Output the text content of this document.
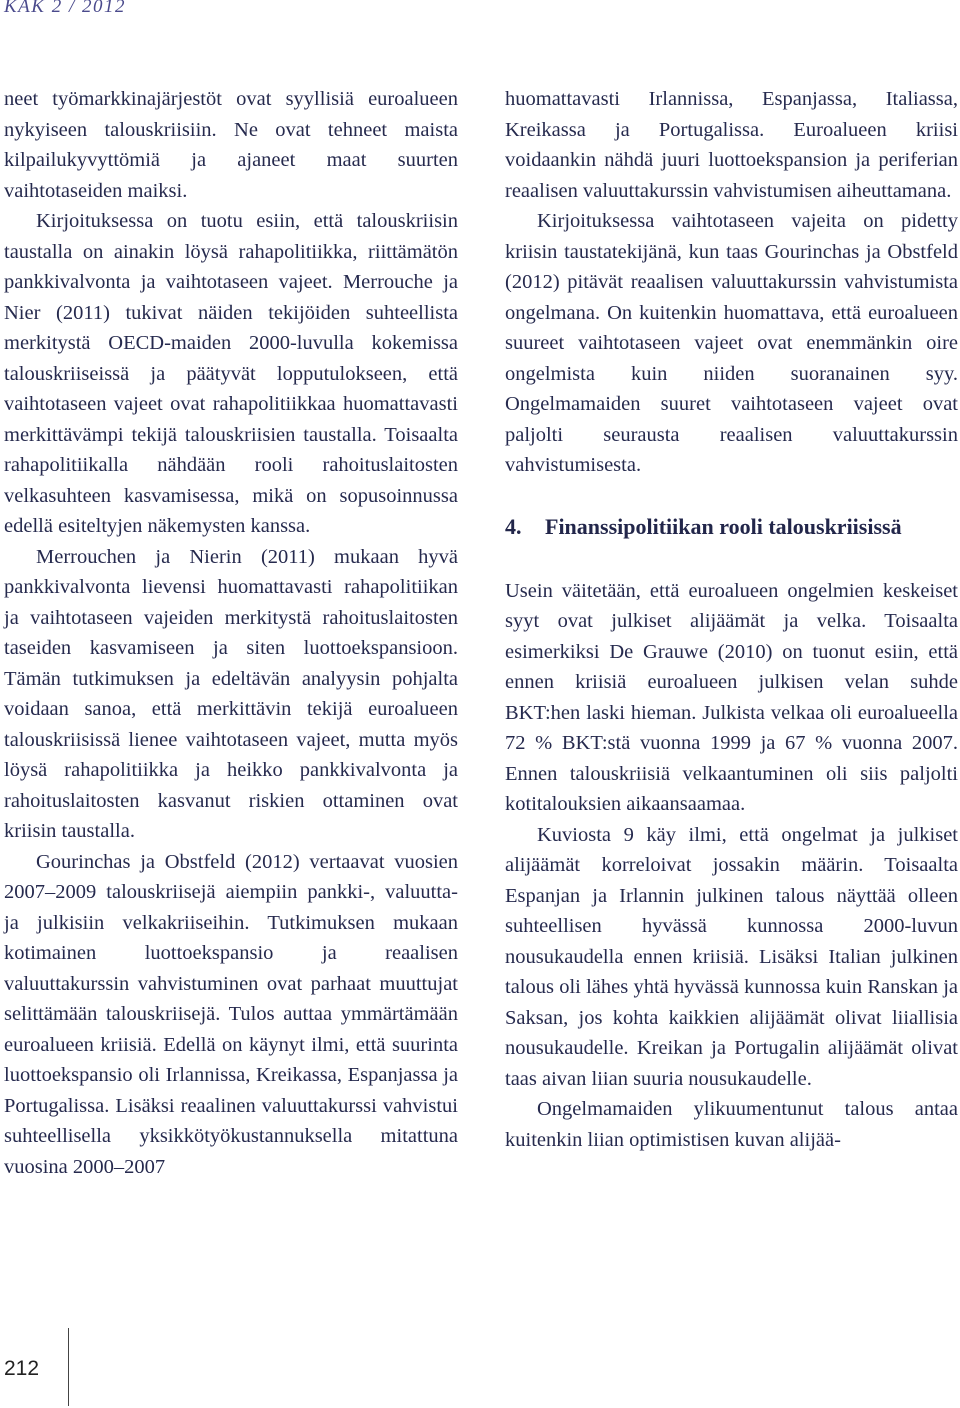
KAK 2 / 2012

neet työmarkkinajärjestöt ovat syyllisiä euroalueen nykyiseen talouskriisiin. Ne ovat tehneet maista kilpailukyvyttömiä ja ajaneet maat suurten vaihtotaseiden maiksi.

Kirjoituksessa on tuotu esiin, että talouskriisin taustalla on ainakin löysä rahapolitiikka, riittämätön pankkivalvonta ja vaihtotaseen vajeet. Merrouche ja Nier (2011) tukivat näiden tekijöiden suhteellista merkitystä OECD-maiden 2000-luvulla kokemissa talouskriiseissä ja päätyvät lopputulokseen, että vaihtotaseen vajeet ovat rahapolitiikkaa huomattavasti merkittävämpi tekijä talouskriisien taustalla. Toisaalta rahapolitiikalla nähdään rooli rahoituslaitosten velkasuhteen kasvamisessa, mikä on sopusoinnussa edellä esiteltyjen näkemysten kanssa.

Merrouchen ja Nierin (2011) mukaan hyvä pankkivalvonta lievensi huomattavasti rahapolitiikan ja vaihtotaseen vajeiden merkitystä rahoituslaitosten taseiden kasvamiseen ja siten luottoekspansioon. Tämän tutkimuksen ja edeltävän analyysin pohjalta voidaan sanoa, että merkittävin tekijä euroalueen talouskriisissä lienee vaihtotaseen vajeet, mutta myös löysä rahapolitiikka ja heikko pankkivalvonta ja rahoituslaitosten kasvanut riskien ottaminen ovat kriisin taustalla.

Gourinchas ja Obstfeld (2012) vertaavat vuosien 2007–2009 talouskriisejä aiempiin pankki-, valuutta- ja julkisiin velkakriiseihin. Tutkimuksen mukaan kotimainen luottoekspansio ja reaalisen valuuttakurssin vahvistuminen ovat parhaat muuttujat selittämään talouskriisejä. Tulos auttaa ymmärtämään euroalueen kriisiä. Edellä on käynyt ilmi, että suurinta luottoekspansio oli Irlannissa, Kreikassa, Espanjassa ja Portugalissa. Lisäksi reaalinen valuuttakurssi vahvistui suhteellisella yksikkötyökustannuksella mitattuna vuosina 2000–2007

huomattavasti Irlannissa, Espanjassa, Italiassa, Kreikassa ja Portugalissa. Euroalueen kriisi voidaankin nähdä juuri luottoekspansion ja periferian reaalisen valuuttakurssin vahvistumisen aiheuttamana.

Kirjoituksessa vaihtotaseen vajeita on pidetty kriisin taustatekijänä, kun taas Gourinchas ja Obstfeld (2012) pitävät reaalisen valuuttakurssin vahvistumista ongelmana. On kuitenkin huomattava, että euroalueen suureet vaihtotaseen vajeet ovat enemmänkin oire ongelmista kuin niiden suoranainen syy. Ongelmamaiden suuret vaihtotaseen vajeet ovat paljolti seurausta reaalisen valuuttakurssin vahvistumisesta.

4.	Finanssipolitiikan rooli talouskriisissä

Usein väitetään, että euroalueen ongelmien keskeiset syyt ovat julkiset alijäämät ja velka. Toisaalta esimerkiksi De Grauwe (2010) on tuonut esiin, että ennen kriisiä euroalueen julkisen velan suhde BKT:hen laski hieman. Julkista velkaa oli euroalueella 72 % BKT:stä vuonna 1999 ja 67 % vuonna 2007. Ennen talouskriisiä velkaantuminen oli siis paljolti kotitalouksien aikaansaamaa.

Kuviosta 9 käy ilmi, että ongelmat ja julkiset alijäämät korreloivat jossakin määrin. Toisaalta Espanjan ja Irlannin julkinen talous näyttää olleen suhteellisen hyvässä kunnossa 2000-luvun nousukaudella ennen kriisiä. Lisäksi Italian julkinen talous oli lähes yhtä hyvässä kunnossa kuin Ranskan ja Saksan, jos kohta kaikkien alijäämät olivat liiallisia nousukaudelle. Kreikan ja Portugalin alijäämät olivat taas aivan liian suuria nousukaudelle.

Ongelmamaiden ylikuumentunut talous antaa kuitenkin liian optimistisen kuvan alijää-

212
